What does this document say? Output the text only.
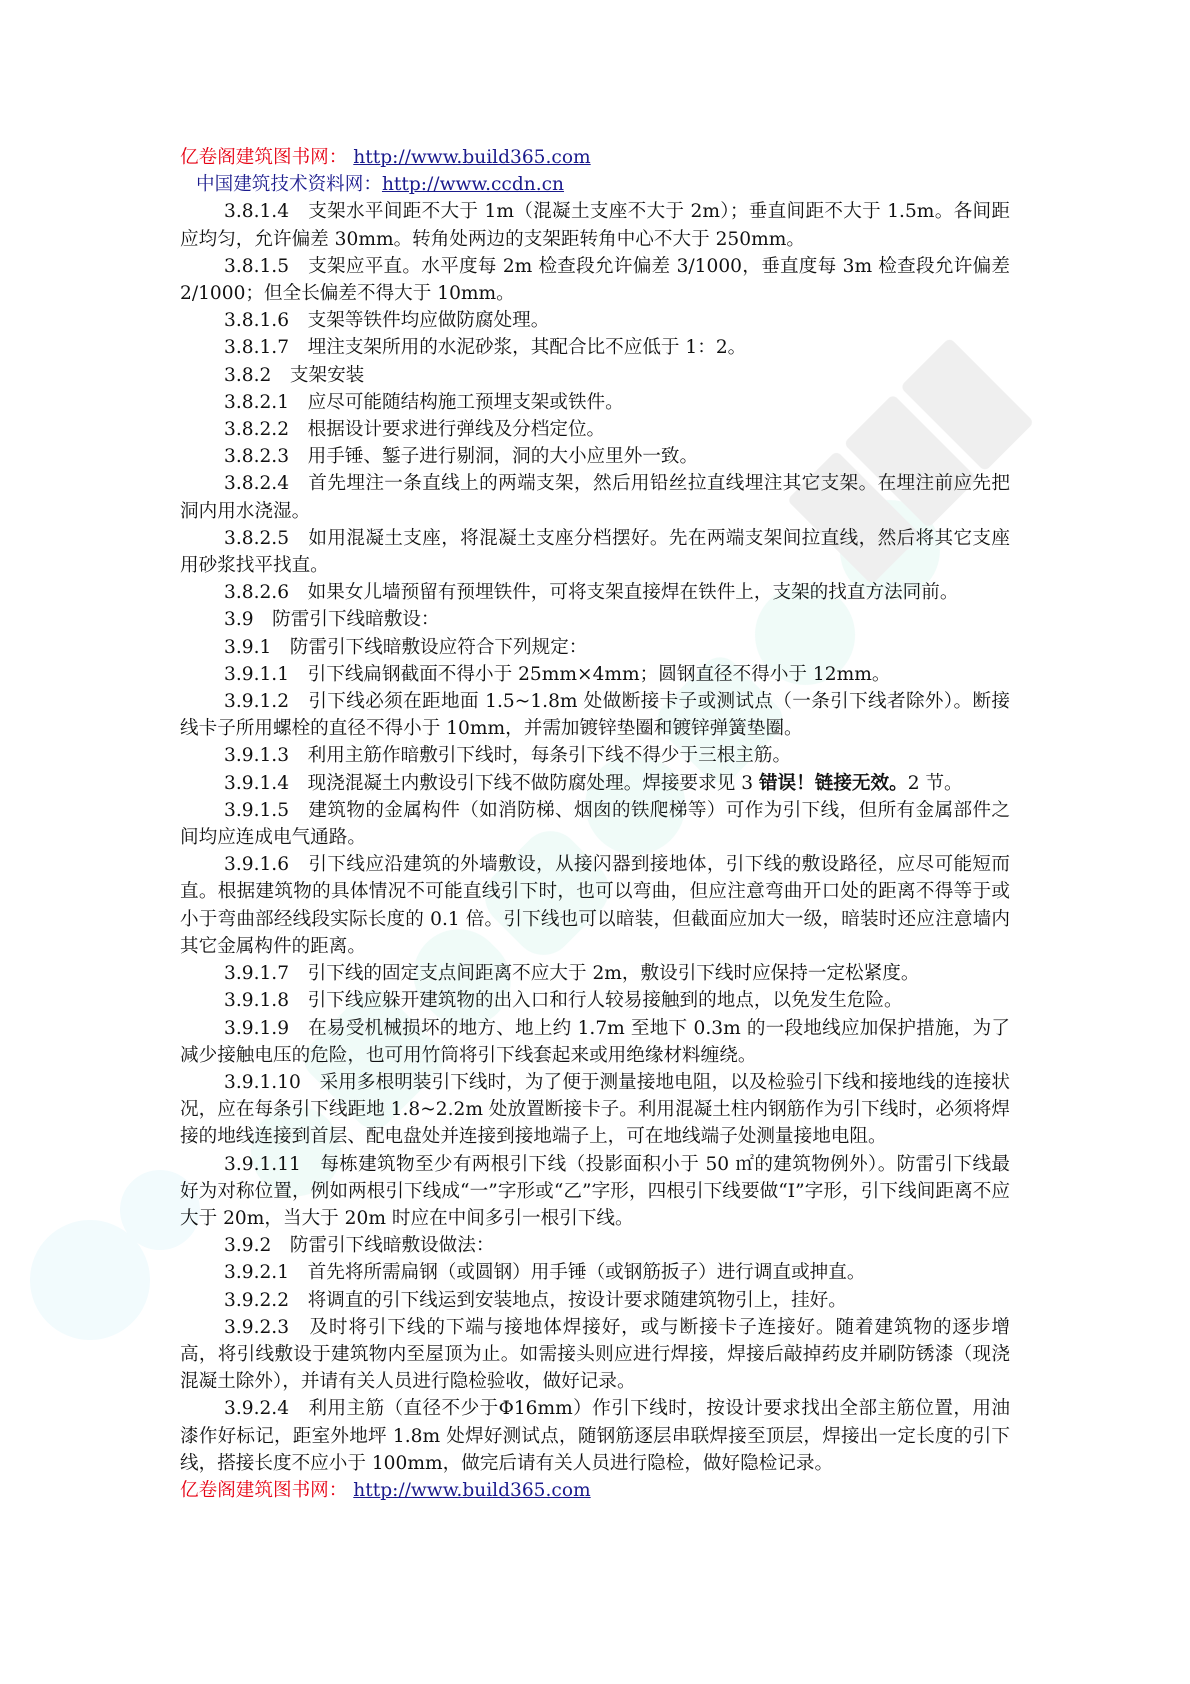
亿卷阁建筑图书网： http://www.build365.com
中国建筑技术资料网：http://www.ccdn.cn

3.8.1.4　支架水平间距不大于 1m（混凝土支座不大于 2m）；垂直间距不大于 1.5m。各间距应均匀，允许偏差 30mm。转角处两边的支架距转角中心不大于 250mm。

3.8.1.5　支架应平直。水平度每 2m 检查段允许偏差 3/1000，垂直度每 3m 检查段允许偏差 2/1000；但全长偏差不得大于 10mm。

3.8.1.6　支架等铁件均应做防腐处理。

3.8.1.7　埋注支架所用的水泥砂浆，其配合比不应低于 1：2。

3.8.2　支架安装

3.8.2.1　应尽可能随结构施工预埋支架或铁件。

3.8.2.2　根据设计要求进行弹线及分档定位。

3.8.2.3　用手锤、錾子进行剔洞，洞的大小应里外一致。

3.8.2.4　首先埋注一条直线上的两端支架，然后用铅丝拉直线埋注其它支架。在埋注前应先把洞内用水浇湿。

3.8.2.5　如用混凝土支座，将混凝土支座分档摆好。先在两端支架间拉直线，然后将其它支座用砂浆找平找直。

3.8.2.6　如果女儿墙预留有预埋铁件，可将支架直接焊在铁件上，支架的找直方法同前。

3.9　防雷引下线暗敷设：

3.9.1　防雷引下线暗敷设应符合下列规定：

3.9.1.1　引下线扁钢截面不得小于 25mm×4mm；圆钢直径不得小于 12mm。

3.9.1.2　引下线必须在距地面 1.5~1.8m 处做断接卡子或测试点（一条引下线者除外）。断接线卡子所用螺栓的直径不得小于 10mm，并需加镀锌垫圈和镀锌弹簧垫圈。

3.9.1.3　利用主筋作暗敷引下线时，每条引下线不得少于三根主筋。

3.9.1.4　现浇混凝土内敷设引下线不做防腐处理。焊接要求见 3 错误！链接无效。2 节。

3.9.1.5　建筑物的金属构件（如消防梯、烟囱的铁爬梯等）可作为引下线，但所有金属部件之间均应连成电气通路。

3.9.1.6　引下线应沿建筑的外墙敷设，从接闪器到接地体，引下线的敷设路径，应尽可能短而直。根据建筑物的具体情况不可能直线引下时，也可以弯曲，但应注意弯曲开口处的距离不得等于或小于弯曲部经线段实际长度的 0.1 倍。引下线也可以暗装，但截面应加大一级，暗装时还应注意墙内其它金属构件的距离。

3.9.1.7　引下线的固定支点间距离不应大于 2m，敷设引下线时应保持一定松紧度。

3.9.1.8　引下线应躲开建筑物的出入口和行人较易接触到的地点，以免发生危险。

3.9.1.9　在易受机械损坏的地方、地上约 1.7m 至地下 0.3m 的一段地线应加保护措施，为了减少接触电压的危险，也可用竹筒将引下线套起来或用绝缘材料缠绕。

3.9.1.10　采用多根明装引下线时，为了便于测量接地电阻，以及检验引下线和接地线的连接状况，应在每条引下线距地 1.8~2.2m 处放置断接卡子。利用混凝土柱内钢筋作为引下线时，必须将焊接的地线连接到首层、配电盘处并连接到接地端子上，可在地线端子处测量接地电阻。

3.9.1.11　每栋建筑物至少有两根引下线（投影面积小于 50 ㎡的建筑物例外）。防雷引下线最好为对称位置，例如两根引下线成“一”字形或“乙”字形，四根引下线要做“I”字形，引下线间距离不应大于 20m，当大于 20m 时应在中间多引一根引下线。

3.9.2　防雷引下线暗敷设做法：

3.9.2.1　首先将所需扁钢（或圆钢）用手锤（或钢筋扳子）进行调直或抻直。

3.9.2.2　将调直的引下线运到安装地点，按设计要求随建筑物引上，挂好。

3.9.2.3　及时将引下线的下端与接地体焊接好，或与断接卡子连接好。随着建筑物的逐步增高，将引线敷设于建筑物内至屋顶为止。如需接头则应进行焊接，焊接后敲掉药皮并刷防锈漆（现浇混凝土除外），并请有关人员进行隐检验收，做好记录。

3.9.2.4　利用主筋（直径不少于Φ16mm）作引下线时，按设计要求找出全部主筋位置，用油漆作好标记，距室外地坪 1.8m 处焊好测试点，随钢筋逐层串联焊接至顶层，焊接出一定长度的引下线，搭接长度不应小于 100mm，做完后请有关人员进行隐检，做好隐检记录。

亿卷阁建筑图书网： http://www.build365.com
